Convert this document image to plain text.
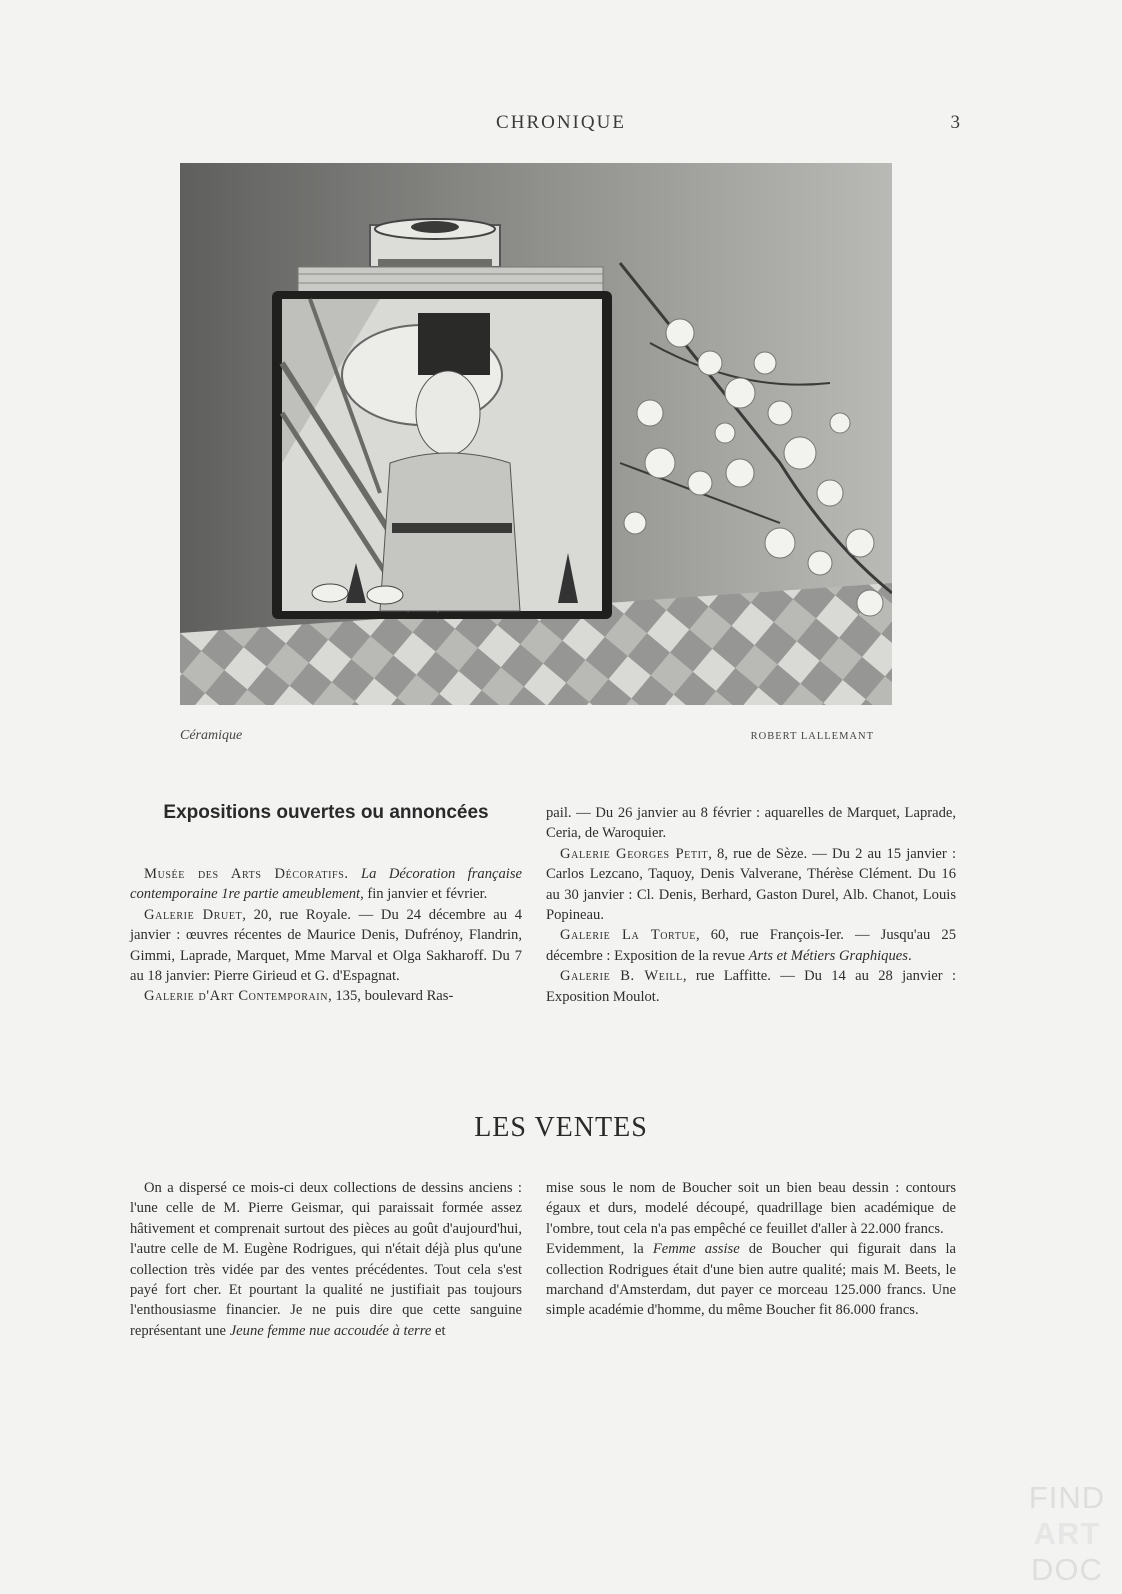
CHRONIQUE	3
Céramique	ROBERT LALLEMANT
Expositions ouvertes ou annoncées

Musée des Arts Décoratifs. La Décoration française contemporaine 1re partie ameublement, fin janvier et février.

Galerie Druet, 20, rue Royale. — Du 24 décembre au 4 janvier : œuvres récentes de Maurice Denis, Dufrénoy, Flandrin, Gimmi, Laprade, Marquet, Mme Marval et Olga Sakharoff. Du 7 au 18 janvier: Pierre Girieud et G. d'Espagnat.

Galerie d'Art Contemporain, 135, boulevard Ras-

pail. — Du 26 janvier au 8 février : aquarelles de Marquet, Laprade, Ceria, de Waroquier.

Galerie Georges Petit, 8, rue de Sèze. — Du 2 au 15 janvier : Carlos Lezcano, Taquoy, Denis Valverane, Thérèse Clément. Du 16 au 30 janvier : Cl. Denis, Berhard, Gaston Durel, Alb. Chanot, Louis Popineau.

Galerie La Tortue, 60, rue François-Ier. — Jusqu'au 25 décembre : Exposition de la revue Arts et Métiers Graphiques.

Galerie B. Weill, rue Laffitte. — Du 14 au 28 janvier : Exposition Moulot.

LES VENTES

On a dispersé ce mois-ci deux collections de dessins anciens : l'une celle de M. Pierre Geismar, qui paraissait formée assez hâtivement et comprenait surtout des pièces au goût d'aujourd'hui, l'autre celle de M. Eugène Rodrigues, qui n'était déjà plus qu'une collection très vidée par des ventes précédentes. Tout cela s'est payé fort cher. Et pourtant la qualité ne justifiait pas toujours l'enthousiasme financier. Je ne puis dire que cette sanguine représentant une Jeune femme nue accoudée à terre et

mise sous le nom de Boucher soit un bien beau dessin : contours égaux et durs, modelé découpé, quadrillage bien académique de l'ombre, tout cela n'a pas empêché ce feuillet d'aller à 22.000 francs.

Evidemment, la Femme assise de Boucher qui figurait dans la collection Rodrigues était d'une bien autre qualité; mais M. Beets, le marchand d'Amsterdam, dut payer ce morceau 125.000 francs. Une simple académie d'homme, du même Boucher fit 86.000 francs.

FIND
ART
DOC
